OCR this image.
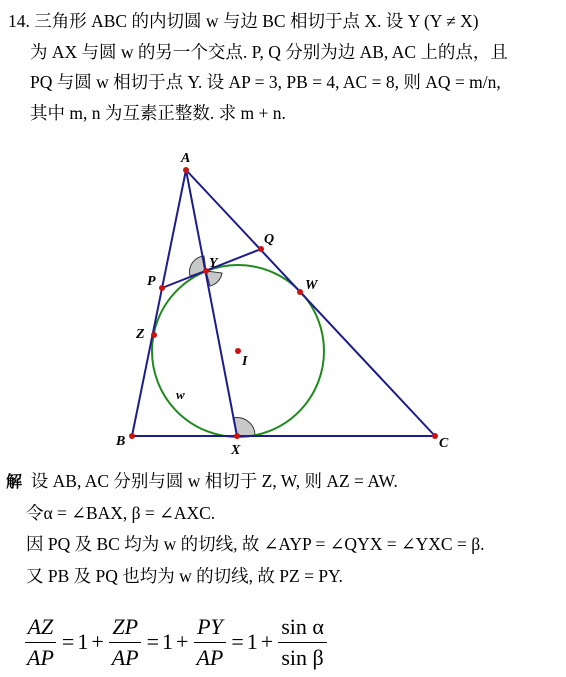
14. 三角形 ABC 的内切圆 w 与边 BC 相切于点 X. 设 Y (Y ≠ X)

为 AX 与圆 w 的另一个交点. P, Q 分别为边 AB, AC 上的点，且

PQ 与圆 w 相切于点 Y. 设 AP = 3, PB = 4, AC = 8, 则 AQ = m/n,

其中 m, n 为互素正整数. 求 m + n.

A
B	C
X
Y
P
Q
W
Z
I
w

解 设 AB, AC 分别与圆 w 相切于 Z, W, 则 AZ = AW.

令α = ∠BAX, β = ∠AXC.

因 PQ 及 BC 均为 w 的切线, 故 ∠AYP = ∠QYX = ∠YXC = β.

又 PB 及 PQ 也均为 w 的切线, 故 PZ = PY.

$\frac{AZ}{AP} = 1 + \frac{ZP}{AP} = 1 + \frac{PY}{AP} = 1 + \frac{\text{sin α}}{\text{sin β}}$
